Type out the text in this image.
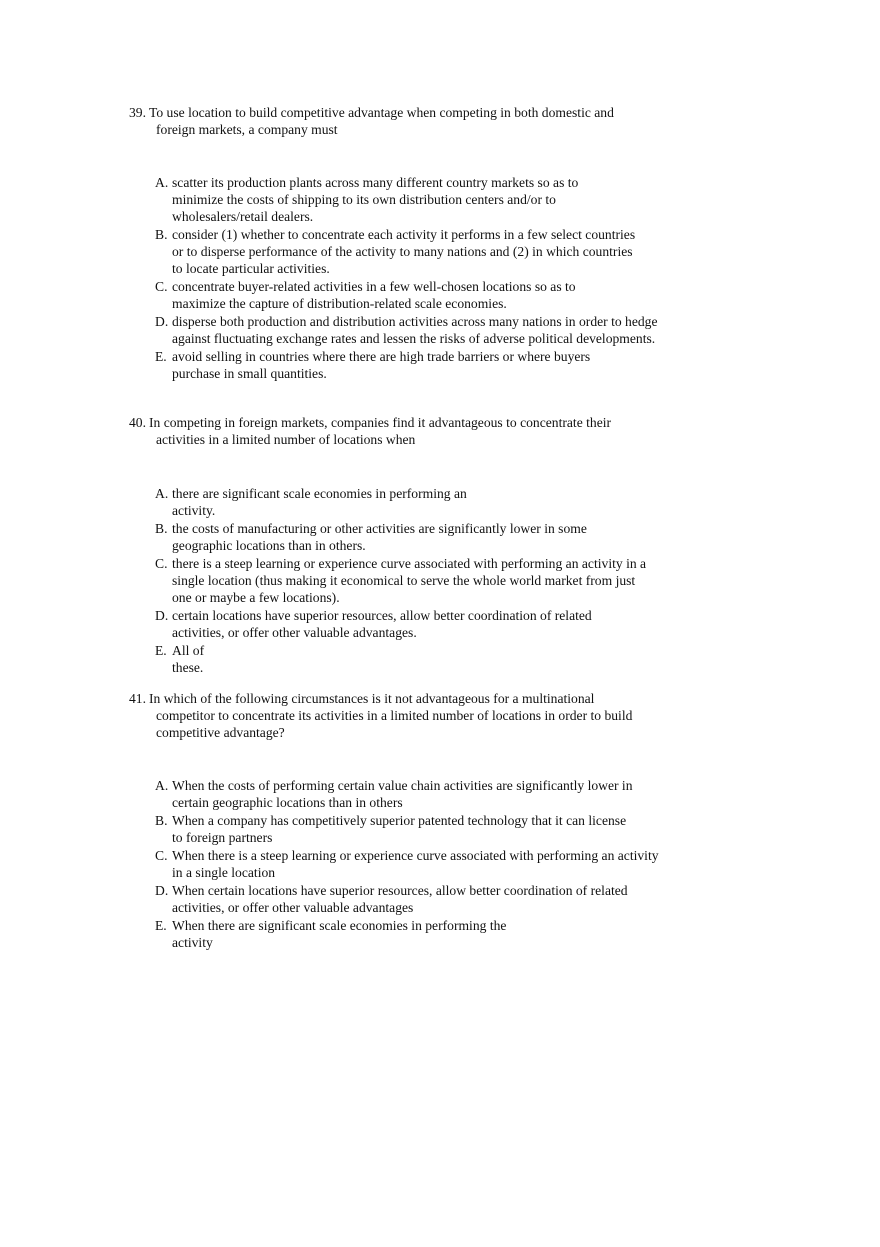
39. To use location to build competitive advantage when competing in both domestic and foreign markets, a company must
A. scatter its production plants across many different country markets so as to minimize the costs of shipping to its own distribution centers and/or to wholesalers/retail dealers.
B. consider (1) whether to concentrate each activity it performs in a few select countries or to disperse performance of the activity to many nations and (2) in which countries to locate particular activities.
C. concentrate buyer-related activities in a few well-chosen locations so as to maximize the capture of distribution-related scale economies.
D. disperse both production and distribution activities across many nations in order to hedge against fluctuating exchange rates and lessen the risks of adverse political developments.
E. avoid selling in countries where there are high trade barriers or where buyers purchase in small quantities.
40. In competing in foreign markets, companies find it advantageous to concentrate their activities in a limited number of locations when
A. there are significant scale economies in performing an activity.
B. the costs of manufacturing or other activities are significantly lower in some geographic locations than in others.
C. there is a steep learning or experience curve associated with performing an activity in a single location (thus making it economical to serve the whole world market from just one or maybe a few locations).
D. certain locations have superior resources, allow better coordination of related activities, or offer other valuable advantages.
E. All of these.
41. In which of the following circumstances is it not advantageous for a multinational competitor to concentrate its activities in a limited number of locations in order to build competitive advantage?
A. When the costs of performing certain value chain activities are significantly lower in certain geographic locations than in others
B. When a company has competitively superior patented technology that it can license to foreign partners
C. When there is a steep learning or experience curve associated with performing an activity in a single location
D. When certain locations have superior resources, allow better coordination of related activities, or offer other valuable advantages
E. When there are significant scale economies in performing the activity
